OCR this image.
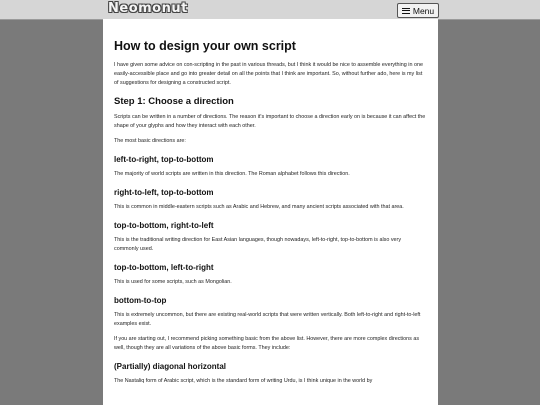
Neomonut	Menu
How to design your own script

I have given some advice on con-scripting in the past in various threads, but I think it would be nice to assemble everything in one easily-accessible place and go into greater detail on all the points that I think are important. So, without further ado, here is my list of suggestions for designing a constructed script.

Step 1: Choose a direction

Scripts can be written in a number of directions. The reason it's important to choose a direction early on is because it can affect the shape of your glyphs and how they interact with each other.

The most basic directions are:

left-to-right, top-to-bottom

The majority of world scripts are written in this direction. The Roman alphabet follows this direction.

right-to-left, top-to-bottom

This is common in middle-eastern scripts such as Arabic and Hebrew, and many ancient scripts associated with that area.

top-to-bottom, right-to-left

This is the traditional writing direction for East Asian languages, though nowadays, left-to-right, top-to-bottom is also very commonly used.

top-to-bottom, left-to-right

This is used for some scripts, such as Mongolian.

bottom-to-top

This is extremely uncommon, but there are existing real-world scripts that were written vertically. Both left-to-right and right-to-left examples exist.

If you are starting out, I recommend picking something basic from the above list. However, there are more complex directions as well, though they are all variations of the above basic forms. They include:

(Partially) diagonal horizontal

The Nastaliq form of Arabic script, which is the standard form of writing Urdu, is I think unique in the world by
